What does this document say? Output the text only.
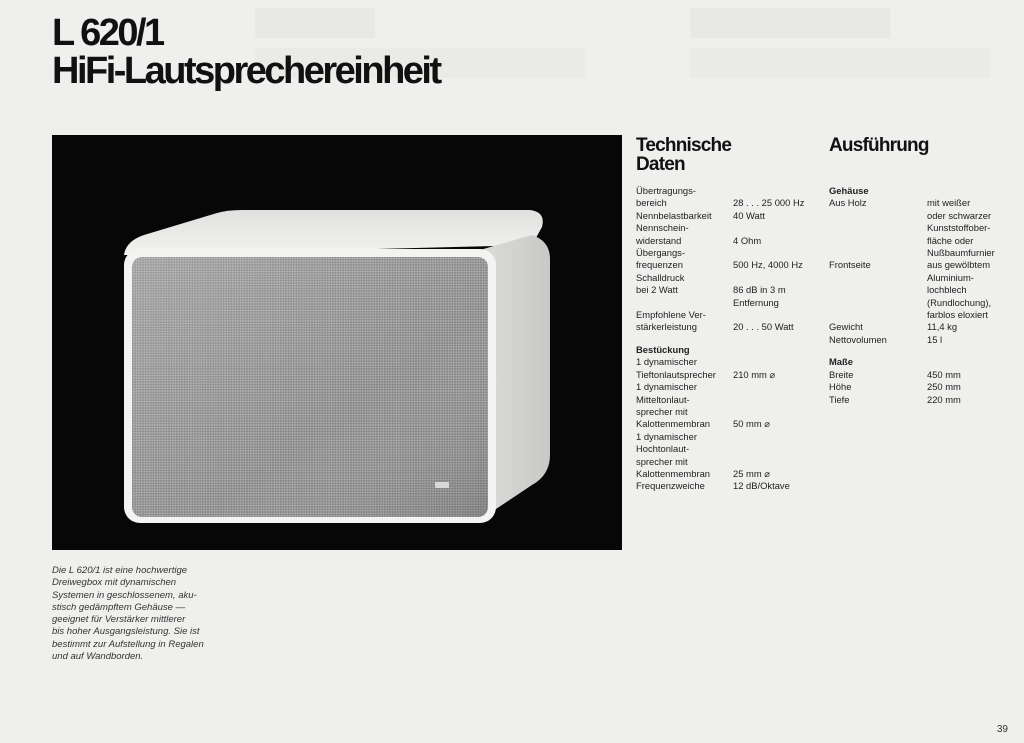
L 620/1
HiFi-Lautsprechereinheit

Die L 620/1 ist eine hochwertige

Dreiwegbox mit dynamischen

Systemen in geschlossenem, aku-

stisch gedämpftem Gehäuse —

geeignet für Verstärker mittlerer

bis hoher Ausgangsleistung. Sie ist

bestimmt zur Aufstellung in Regalen

und auf Wandborden.

Technische
Daten
Übertragungs-
bereich	28 . . . 25 000 Hz
Nennbelastbarkeit	40 Watt
Nennschein-
widerstand	4 Ohm
Übergangs-
frequenzen	500 Hz, 4000 Hz
Schalldruck
bei 2 Watt	86 dB in 3 m
Entfernung
Empfohlene Ver-
stärkerleistung	20 . . . 50 Watt
Bestückung
1 dynamischer
Tieftonlautsprecher	210 mm ⌀
1 dynamischer
Mitteltonlaut-
sprecher mit
Kalottenmembran	50 mm ⌀
1 dynamischer
Hochtonlaut-
sprecher mit
Kalottenmembran	25 mm ⌀
Frequenzweiche	12 dB/Oktave
Ausführung
Gehäuse
Aus Holz	mit weißer
oder schwarzer
Kunststoffober-
fläche oder
Nußbaumfurnier
Frontseite	aus gewölbtem
Aluminium-
lochblech
(Rundlochung),
farblos eloxiert
Gewicht	11,4 kg
Nettovolumen	15 l
Maße
Breite	450 mm
Höhe	250 mm
Tiefe	220 mm
39
